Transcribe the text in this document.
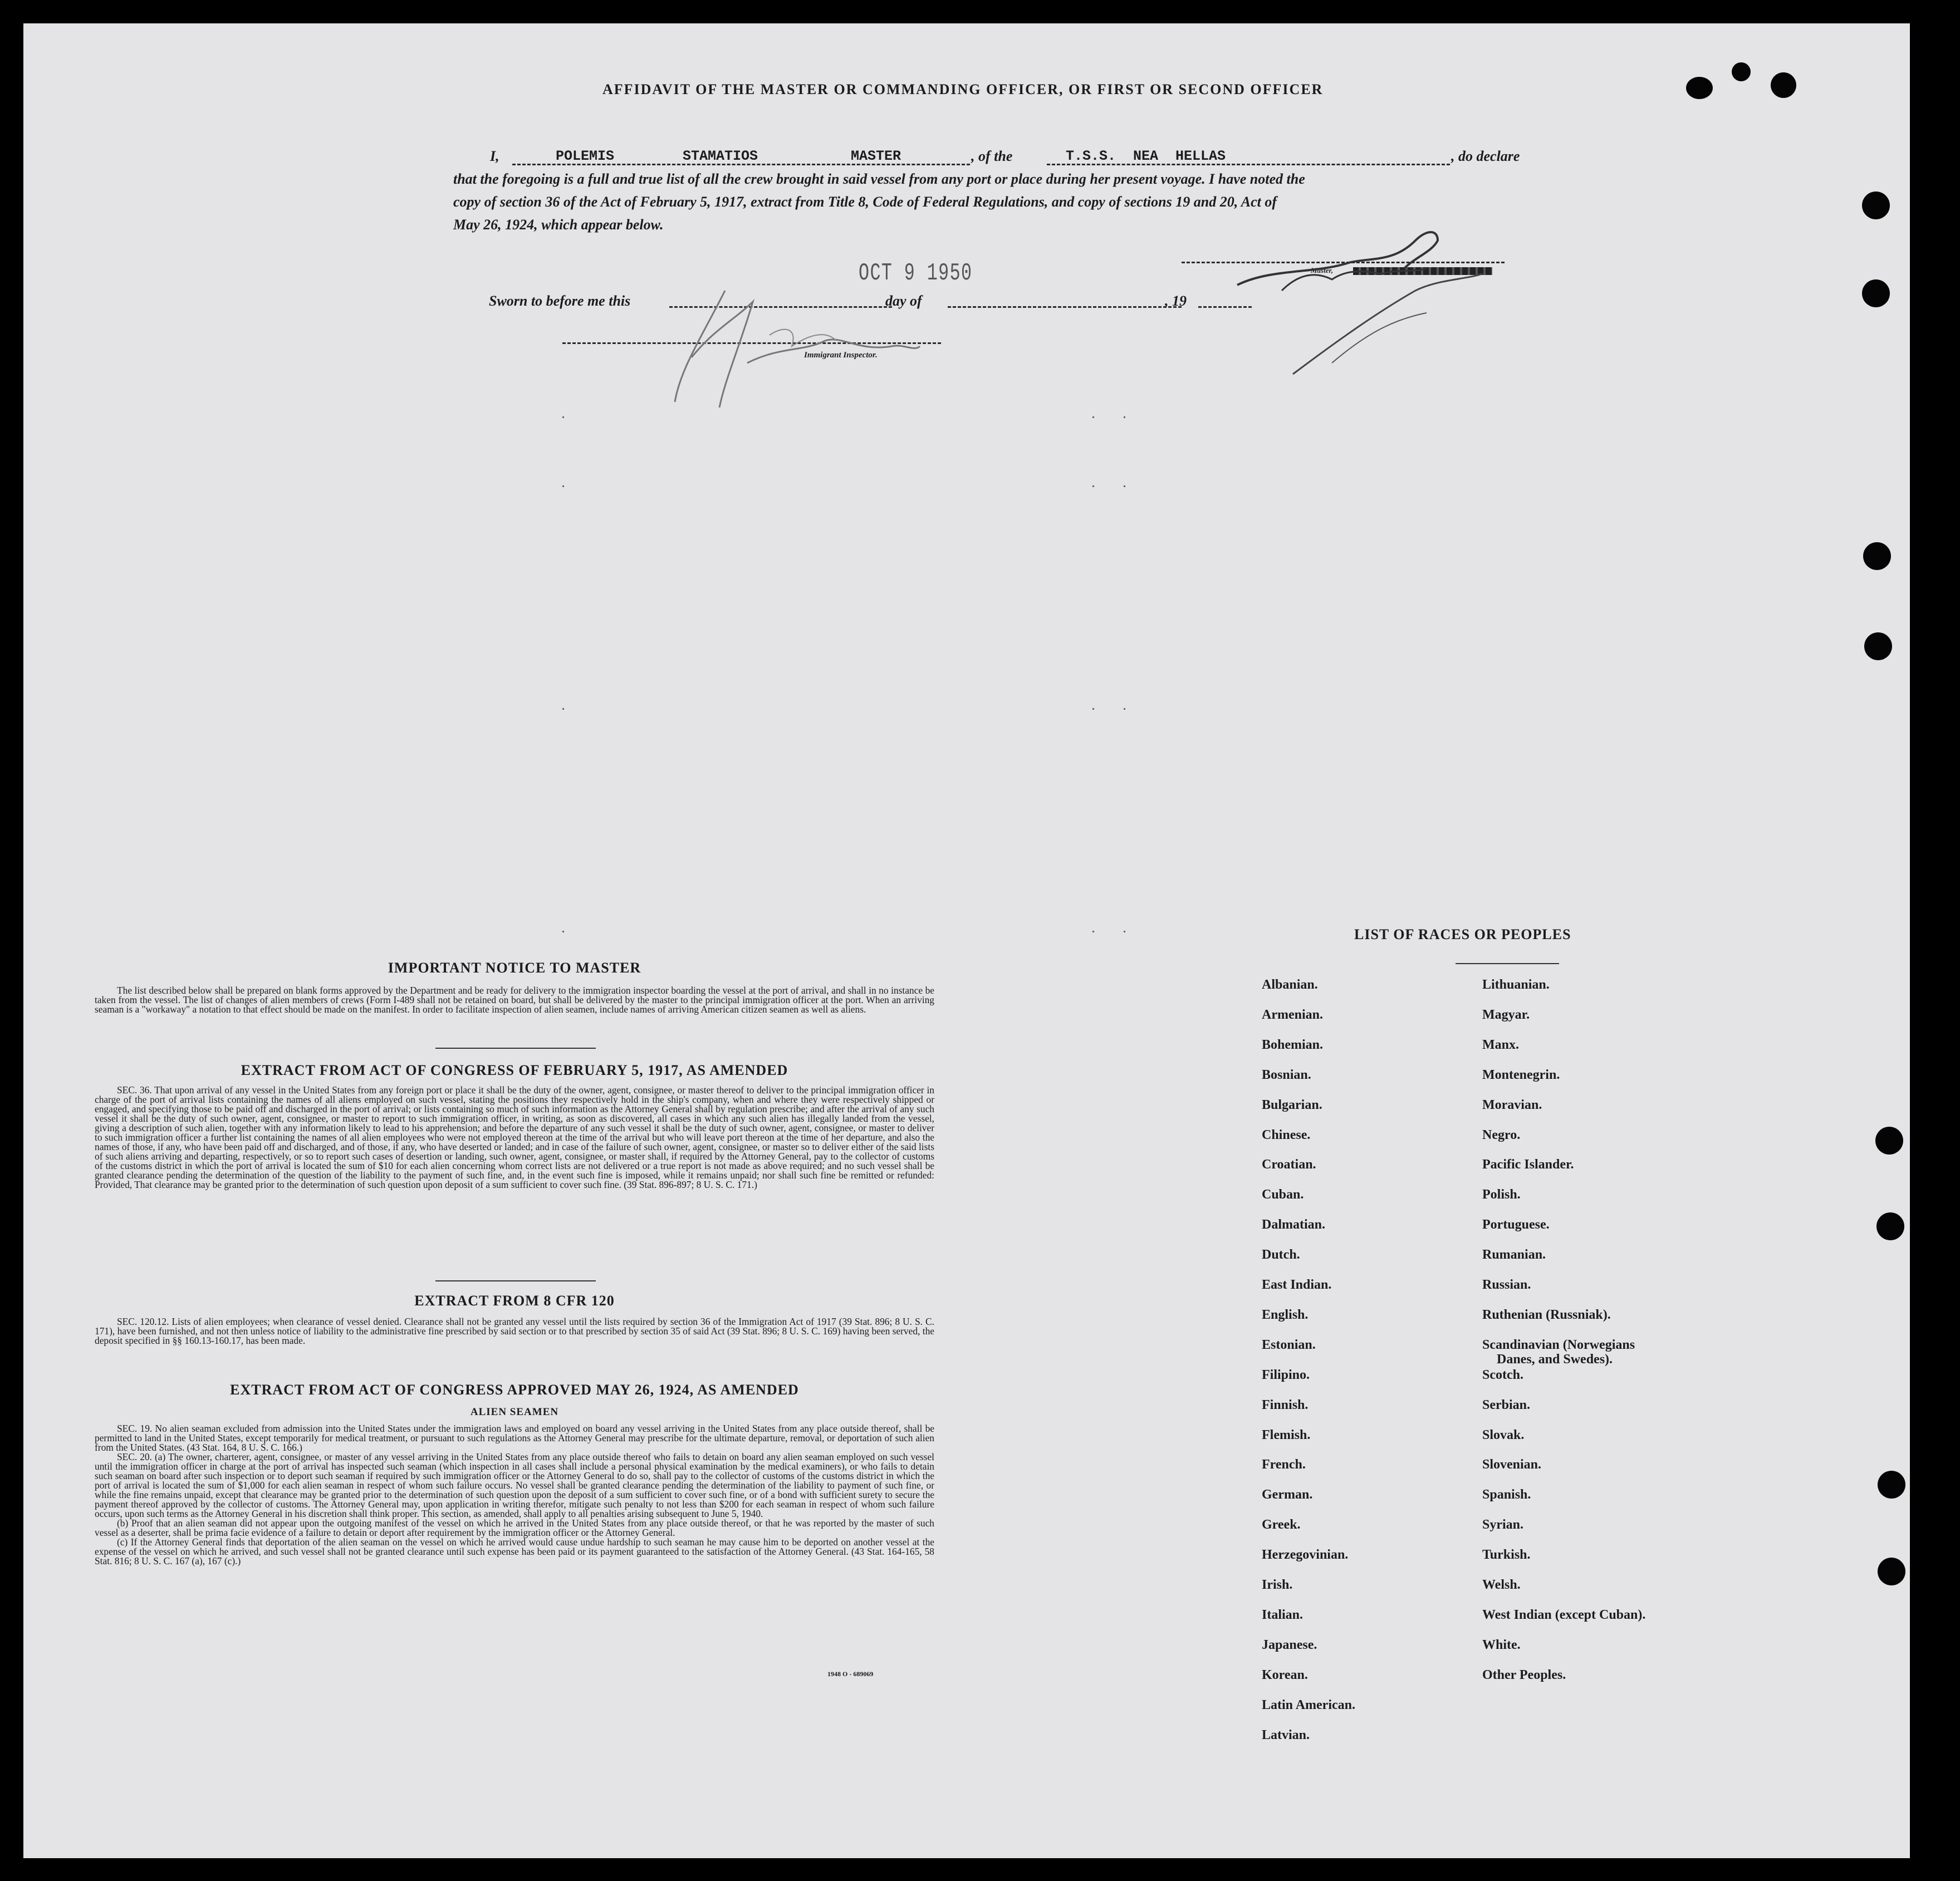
AFFIDAVIT OF THE MASTER OR COMMANDING OFFICER, OR FIRST OR SECOND OFFICER
I,	POLEMIS	STAMATIOS	MASTER	, of the	T.S.S. NEA HELLAS	, do declare
that the foregoing is a full and true list of all the crew brought in said vessel from any port or place during her present voyage. I have noted the
copy of section 36 of the Act of February 5, 1917, extract from Title 8, Code of Federal Regulations, and copy of sections 19 and 20, Act of
May 26, 1924, which appear below.
Master,
Sworn to before me this	day of	, 19
OCT 9 1950
Immigrant Inspector.
IMPORTANT NOTICE TO MASTER

The list described below shall be prepared on blank forms approved by the Department and be ready for delivery to the immigration inspector boarding the vessel at the port of arrival, and shall in no instance be taken from the vessel. The list of changes of alien members of crews (Form I-489 shall not be retained on board, but shall be delivered by the master to the principal immigration officer at the port. When an arriving seaman is a "workaway" a notation to that effect should be made on the manifest. In order to facilitate inspection of alien seamen, include names of arriving American citizen seamen as well as aliens.

EXTRACT FROM ACT OF CONGRESS OF FEBRUARY 5, 1917, AS AMENDED

SEC. 36. That upon arrival of any vessel in the United States from any foreign port or place it shall be the duty of the owner, agent, consignee, or master thereof to deliver to the principal immigration officer in charge of the port of arrival lists containing the names of all aliens employed on such vessel, stating the positions they respectively hold in the ship's company, when and where they were respectively shipped or engaged, and specifying those to be paid off and discharged in the port of arrival; or lists containing so much of such information as the Attorney General shall by regulation prescribe; and after the arrival of any such vessel it shall be the duty of such owner, agent, consignee, or master to report to such immigration officer, in writing, as soon as discovered, all cases in which any such alien has illegally landed from the vessel, giving a description of such alien, together with any information likely to lead to his apprehension; and before the departure of any such vessel it shall be the duty of such owner, agent, consignee, or master to deliver to such immigration officer a further list containing the names of all alien employees who were not employed thereon at the time of the arrival but who will leave port thereon at the time of her departure, and also the names of those, if any, who have been paid off and discharged, and of those, if any, who have deserted or landed; and in case of the failure of such owner, agent, consignee, or master so to deliver either of the said lists of such aliens arriving and departing, respectively, or so to report such cases of desertion or landing, such owner, agent, consignee, or master shall, if required by the Attorney General, pay to the collector of customs of the customs district in which the port of arrival is located the sum of $10 for each alien concerning whom correct lists are not delivered or a true report is not made as above required; and no such vessel shall be granted clearance pending the determination of the question of the liability to the payment of such fine, and, in the event such fine is imposed, while it remains unpaid; nor shall such fine be remitted or refunded: Provided, That clearance may be granted prior to the determination of such question upon deposit of a sum sufficient to cover such fine. (39 Stat. 896-897; 8 U. S. C. 171.)

EXTRACT FROM 8 CFR 120

SEC. 120.12. Lists of alien employees; when clearance of vessel denied. Clearance shall not be granted any vessel until the lists required by section 36 of the Immigration Act of 1917 (39 Stat. 896; 8 U. S. C. 171), have been furnished, and not then unless notice of liability to the administrative fine prescribed by said section or to that prescribed by section 35 of said Act (39 Stat. 896; 8 U. S. C. 169) having been served, the deposit specified in §§ 160.13-160.17, has been made.

EXTRACT FROM ACT OF CONGRESS APPROVED MAY 26, 1924, AS AMENDED
ALIEN SEAMEN

SEC. 19. No alien seaman excluded from admission into the United States under the immigration laws and employed on board any vessel arriving in the United States from any place outside thereof, shall be permitted to land in the United States, except temporarily for medical treatment, or pursuant to such regulations as the Attorney General may prescribe for the ultimate departure, removal, or deportation of such alien from the United States. (43 Stat. 164, 8 U. S. C. 166.)

SEC. 20. (a) The owner, charterer, agent, consignee, or master of any vessel arriving in the United States from any place outside thereof who fails to detain on board any alien seaman employed on such vessel until the immigration officer in charge at the port of arrival has inspected such seaman (which inspection in all cases shall include a personal physical examination by the medical examiners), or who fails to detain such seaman on board after such inspection or to deport such seaman if required by such immigration officer or the Attorney General to do so, shall pay to the collector of customs of the customs district in which the port of arrival is located the sum of $1,000 for each alien seaman in respect of whom such failure occurs. No vessel shall be granted clearance pending the determination of the liability to payment of such fine, or while the fine remains unpaid, except that clearance may be granted prior to the determination of such question upon the deposit of a sum sufficient to cover such fine, or of a bond with sufficient surety to secure the payment thereof approved by the collector of customs. The Attorney General may, upon application in writing therefor, mitigate such penalty to not less than $200 for each seaman in respect of whom such failure occurs, upon such terms as the Attorney General in his discretion shall think proper. This section, as amended, shall apply to all penalties arising subsequent to June 5, 1940.

(b) Proof that an alien seaman did not appear upon the outgoing manifest of the vessel on which he arrived in the United States from any place outside thereof, or that he was reported by the master of such vessel as a deserter, shall be prima facie evidence of a failure to detain or deport after requirement by the immigration officer or the Attorney General.

(c) If the Attorney General finds that deportation of the alien seaman on the vessel on which he arrived would cause undue hardship to such seaman he may cause him to be deported on another vessel at the expense of the vessel on which he arrived, and such vessel shall not be granted clearance until such expense has been paid or its payment guaranteed to the satisfaction of the Attorney General. (43 Stat. 164-165, 58 Stat. 816; 8 U. S. C. 167 (a), 167 (c).)

1948 O - 689069
LIST OF RACES OR PEOPLES
Albanian.
Armenian.
Bohemian.
Bosnian.
Bulgarian.
Chinese.
Croatian.
Cuban.
Dalmatian.
Dutch.
East Indian.
English.
Estonian.
Filipino.
Finnish.
Flemish.
French.
German.
Greek.
Herzegovinian.
Irish.
Italian.
Japanese.
Korean.
Latin American.
Latvian.
Lithuanian.
Magyar.
Manx.
Montenegrin.
Moravian.
Negro.
Pacific Islander.
Polish.
Portuguese.
Rumanian.
Russian.
Ruthenian (Russniak).
Scandinavian (Norwegians
Danes, and Swedes).
Scotch.
Serbian.
Slovak.
Slovenian.
Spanish.
Syrian.
Turkish.
Welsh.
West Indian (except Cuban).
White.
Other Peoples.
